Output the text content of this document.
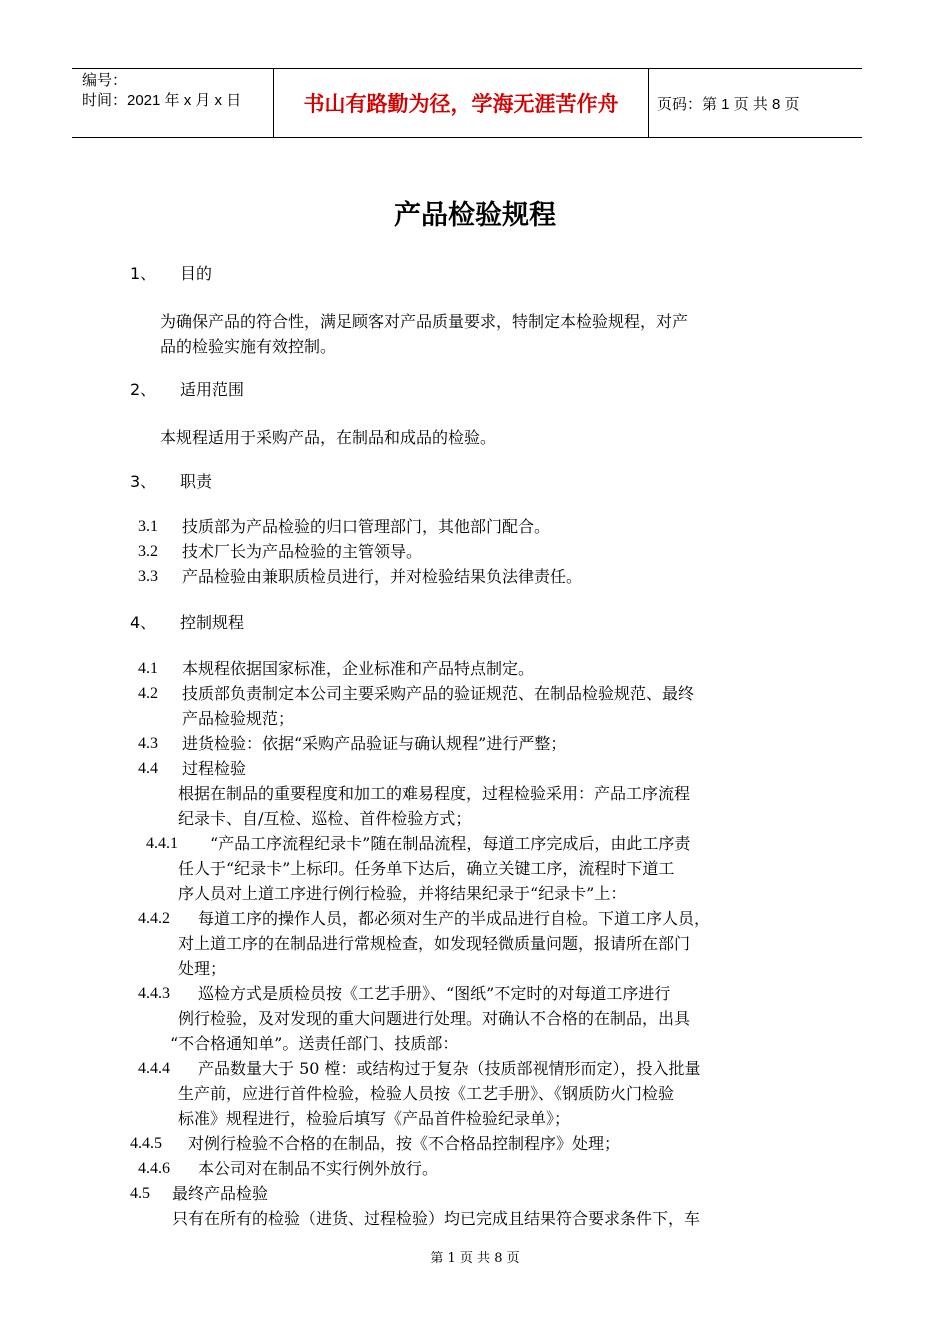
编号：
时间：2021 年 x 月 x 日	书山有路勤为径，学海无涯苦作舟	页码：第 1 页 共 8 页
产品检验规程
1、 目的
为确保产品的符合性，满足顾客对产品质量要求，特制定本检验规程，对产
品的检验实施有效控制。
2、 适用范围
本规程适用于采购产品，在制品和成品的检验。
3、 职责
3.1 技质部为产品检验的归口管理部门，其他部门配合。
3.2 技术厂长为产品检验的主管领导。
3.3 产品检验由兼职质检员进行，并对检验结果负法律责任。
4、 控制规程
4.1 本规程依据国家标准，企业标准和产品特点制定。
4.2 技质部负责制定本公司主要采购产品的验证规范、在制品检验规范、最终
产品检验规范；
4.3 进货检验：依据“采购产品验证与确认规程”进行严整；
4.4 过程检验
根据在制品的重要程度和加工的难易程度，过程检验采用：产品工序流程
纪录卡、自/互检、巡检、首件检验方式；
4.4.1 “产品工序流程纪录卡”随在制品流程，每道工序完成后，由此工序责
任人于“纪录卡”上标印。任务单下达后，确立关键工序，流程时下道工
序人员对上道工序进行例行检验，并将结果纪录于“纪录卡”上：
4.4.2 每道工序的操作人员，都必须对生产的半成品进行自检。下道工序人员，
对上道工序的在制品进行常规检查，如发现轻微质量问题，报请所在部门
处理；
4.4.3 巡检方式是质检员按《工艺手册》、“图纸”不定时的对每道工序进行
例行检验，及对发现的重大问题进行处理。对确认不合格的在制品，出具
“不合格通知单”。送责任部门、技质部：
4.4.4 产品数量大于 50 樘：或结构过于复杂（技质部视情形而定），投入批量
生产前，应进行首件检验，检验人员按《工艺手册》、《钢质防火门检验
标准》规程进行，检验后填写《产品首件检验纪录单》；
4.4.5 对例行检验不合格的在制品，按《不合格品控制程序》处理；
4.4.6 本公司对在制品不实行例外放行。
4.5 最终产品检验
只有在所有的检验（进货、过程检验）均已完成且结果符合要求条件下，车
第 1 页 共 8 页
